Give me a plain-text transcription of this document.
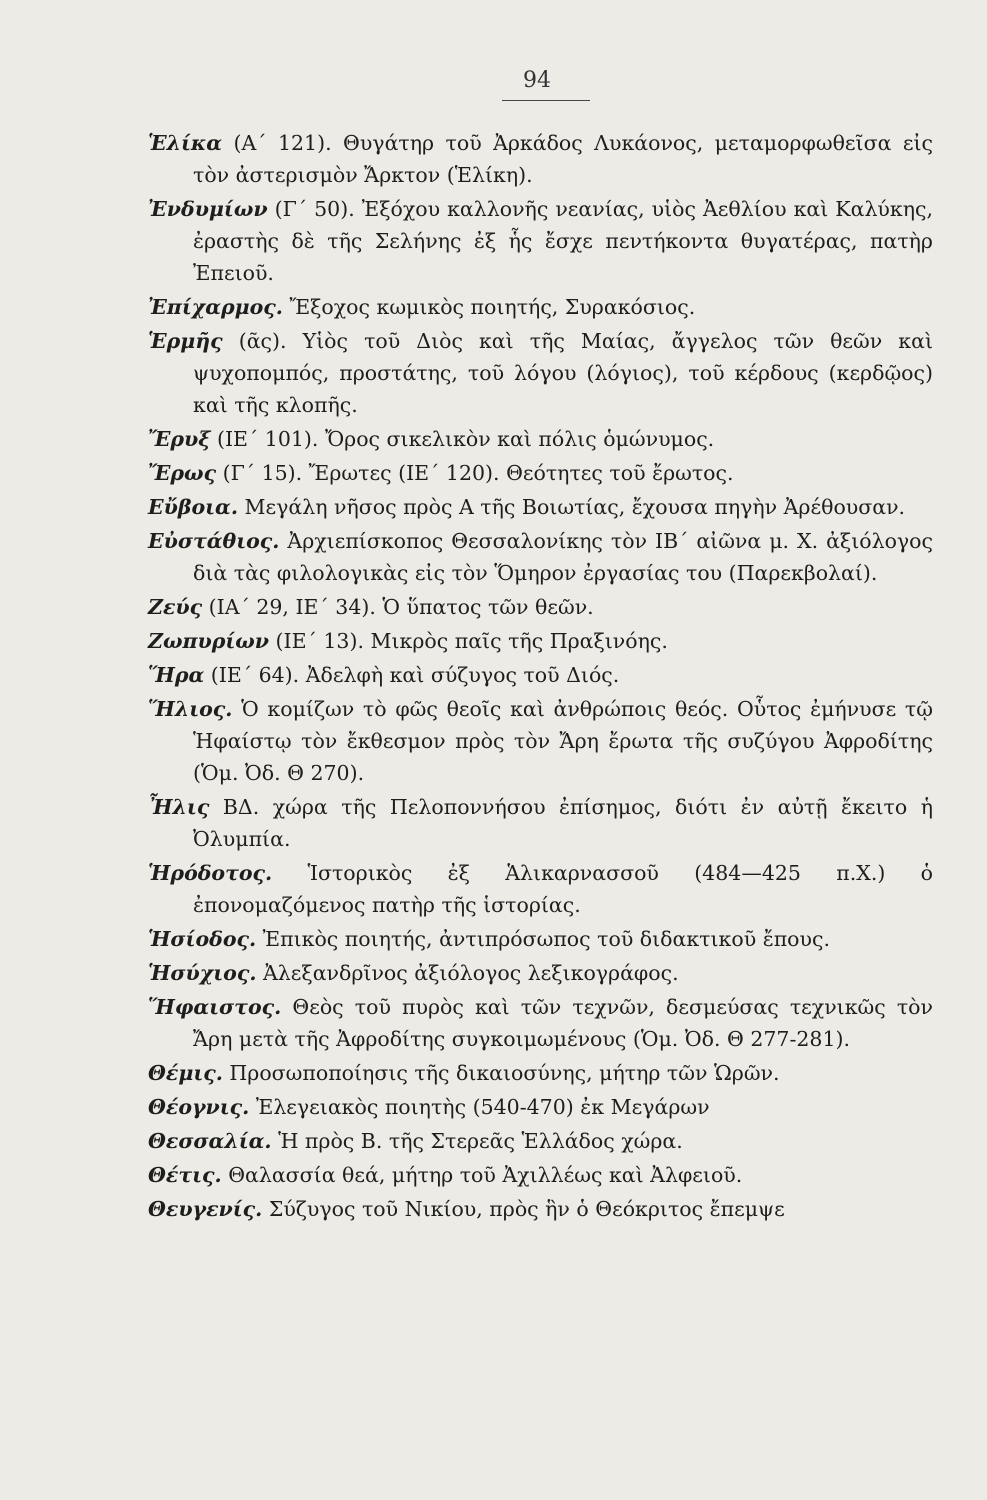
94
Ἑλίκα (Α΄ 121). Θυγάτηρ τοῦ Ἀρκάδος Λυκάονος, μεταμορφωθεῖσα εἰς τὸν ἀστερισμὸν Ἄρκτον (Ἑλίκη).
Ἐνδυμίων (Γ΄ 50). Ἐξόχου καλλονῆς νεανίας, υἱὸς Ἀεθλίου καὶ Καλύκης, ἐραστὴς δὲ τῆς Σελήνης ἐξ ἧς ἔσχε πεντήκοντα θυγατέρας, πατὴρ Ἐπειοῦ.
Ἐπίχαρμος. Ἔξοχος κωμικὸς ποιητής, Συρακόσιος.
Ἑρμῆς (ᾶς). Υἱὸς τοῦ Διὸς καὶ τῆς Μαίας, ἄγγελος τῶν θεῶν καὶ ψυχοπομπός, προστάτης, τοῦ λόγου (λόγιος), τοῦ κέρδους (κερδῷος) καὶ τῆς κλοπῆς.
Ἔρυξ (ΙΕ΄ 101). Ὄρος σικελικὸν καὶ πόλις ὁμώνυμος.
Ἔρως (Γ΄ 15). Ἔρωτες (ΙΕ΄ 120). Θεότητες τοῦ ἔρωτος.
Εὔβοια. Μεγάλη νῆσος πρὸς Α τῆς Βοιωτίας, ἔχουσα πηγὴν Ἀρέθουσαν.
Εὐστάθιος. Ἀρχιεπίσκοπος Θεσσαλονίκης τὸν ΙΒ΄ αἰῶνα μ. Χ. ἀξιόλογος διὰ τὰς φιλολογικὰς εἰς τὸν Ὅμηρον ἐργασίας του (Παρεκβολαί).
Ζεύς (ΙΑ΄ 29, ΙΕ΄ 34). Ὁ ὕπατος τῶν θεῶν.
Ζωπυρίων (ΙΕ΄ 13). Μικρὸς παῖς τῆς Πραξινόης.
Ἥρα (ΙΕ΄ 64). Ἀδελφὴ καὶ σύζυγος τοῦ Διός.
Ἥλιος. Ὁ κομίζων τὸ φῶς θεοῖς καὶ ἀνθρώποις θεός. Οὗτος ἐμήνυσε τῷ Ἡφαίστῳ τὸν ἔκθεσμον πρὸς τὸν Ἄρη ἔρωτα τῆς συζύγου Ἀφροδίτης (Ὁμ. Ὀδ. Θ 270).
Ἦλις ΒΔ. χώρα τῆς Πελοποννήσου ἐπίσημος, διότι ἐν αὐτῇ ἔκειτο ἡ Ὀλυμπία.
Ἡρόδοτος. Ἱστορικὸς ἐξ Ἁλικαρνασσοῦ (484—425 π.Χ.) ὁ ἐπονομαζόμενος πατὴρ τῆς ἱστορίας.
Ἡσίοδος. Ἐπικὸς ποιητής, ἀντιπρόσωπος τοῦ διδακτικοῦ ἔπους.
Ἡσύχιος. Ἀλεξανδρῖνος ἀξιόλογος λεξικογράφος.
Ἥφαιστος. Θεὸς τοῦ πυρὸς καὶ τῶν τεχνῶν, δεσμεύσας τεχνικῶς τὸν Ἄρη μετὰ τῆς Ἀφροδίτης συγκοιμωμένους (Ὁμ. Ὀδ. Θ 277-281).
Θέμις. Προσωποποίησις τῆς δικαιοσύνης, μήτηρ τῶν Ὡρῶν.
Θέογνις. Ἐλεγειακὸς ποιητὴς (540-470) ἐκ Μεγάρων
Θεσσαλία. Ἡ πρὸς Β. τῆς Στερεᾶς Ἑλλάδος χώρα.
Θέτις. Θαλασσία θεά, μήτηρ τοῦ Ἀχιλλέως καὶ Ἀλφειοῦ.
Θευγενίς. Σύζυγος τοῦ Νικίου, πρὸς ἣν ὁ Θεόκριτος ἔπεμψε
